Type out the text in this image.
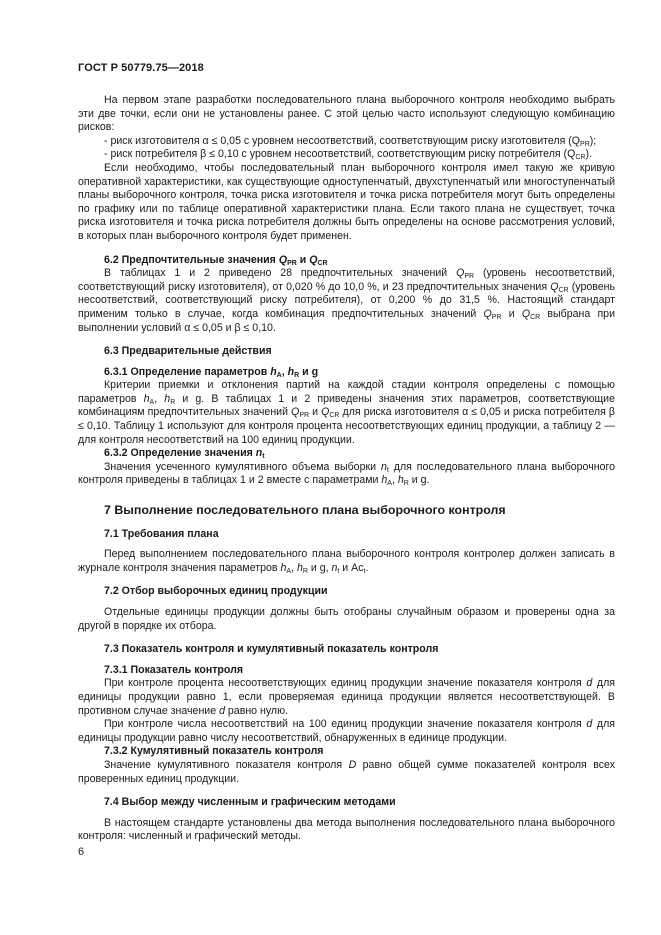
ГОСТ Р 50779.75—2018

На первом этапе разработки последовательного плана выборочного контроля необходимо выбрать эти две точки, если они не установлены ранее. С этой целью часто используют следующую комбинацию рисков:

- риск изготовителя α ≤ 0,05 с уровнем несоответствий, соответствующим риску изготовителя $(Q_{PR})$;

- риск потребителя β ≤ 0,10 с уровнем несоответствий, соответствующим риску потребителя $(Q_{CR})$.

Если необходимо, чтобы последовательный план выборочного контроля имел такую же кривую оперативной характеристики, как существующие одноступенчатый, двухступенчатый или многоступенчатый планы выборочного контроля, точка риска изготовителя и точка риска потребителя могут быть определены по графику или по таблице оперативной характеристики плана. Если такого плана не существует, точка риска изготовителя и точка риска потребителя должны быть определены на основе рассмотрения условий, в которых план выборочного контроля будет применен.

6.2 Предпочтительные значения $Q_{PR}$ и $Q_{CR}$

В таблицах 1 и 2 приведено 28 предпочтительных значений $Q_{PR}$ (уровень несоответствий, соответствующий риску изготовителя), от 0,020 % до 10,0 %, и 23 предпочтительных значения $Q_{CR}$ (уровень несоответствий, соответствующий риску потребителя), от 0,200 % до 31,5 %. Настоящий стандарт применим только в случае, когда комбинация предпочтительных значений $Q_{PR}$ и $Q_{CR}$ выбрана при выполнении условий α ≤ 0,05 и β ≤ 0,10.

6.3 Предварительные действия
6.3.1 Определение параметров $h_A$, $h_R$ и g

Критерии приемки и отклонения партий на каждой стадии контроля определены с помощью параметров $h_A$, $h_R$ и g. В таблицах 1 и 2 приведены значения этих параметров, соответствующие комбинациям предпочтительных значений $Q_{PR}$ и $Q_{CR}$ для риска изготовителя α ≤ 0,05 и риска потребителя β ≤ 0,10. Таблицу 1 используют для контроля процента несоответствующих единиц продукции, а таблицу 2 — для контроля несоответствий на 100 единиц продукции.

6.3.2 Определение значения $n_t$

Значения усеченного кумулятивного объема выборки $n_t$ для последовательного плана выборочного контроля приведены в таблицах 1 и 2 вместе с параметрами $h_A$, $h_R$ и g.

7 Выполнение последовательного плана выборочного контроля
7.1 Требования плана

Перед выполнением последовательного плана выборочного контроля контролер должен записать в журнале контроля значения параметров $h_A$, $h_R$ и g, $n_t$ и $Ac_t$.

7.2 Отбор выборочных единиц продукции

Отдельные единицы продукции должны быть отобраны случайным образом и проверены одна за другой в порядке их отбора.

7.3 Показатель контроля и кумулятивный показатель контроля
7.3.1 Показатель контроля

При контроле процента несоответствующих единиц продукции значение показателя контроля d для единицы продукции равно 1, если проверяемая единица продукции является несоответствующей. В противном случае значение d равно нулю.

При контроле числа несоответствий на 100 единиц продукции значение показателя контроля d для единицы продукции равно числу несоответствий, обнаруженных в единице продукции.

7.3.2 Кумулятивный показатель контроля

Значение кумулятивного показателя контроля D равно общей сумме показателей контроля всех проверенных единиц продукции.

7.4 Выбор между численным и графическим методами

В настоящем стандарте установлены два метода выполнения последовательного плана выборочного контроля: численный и графический методы.

6
